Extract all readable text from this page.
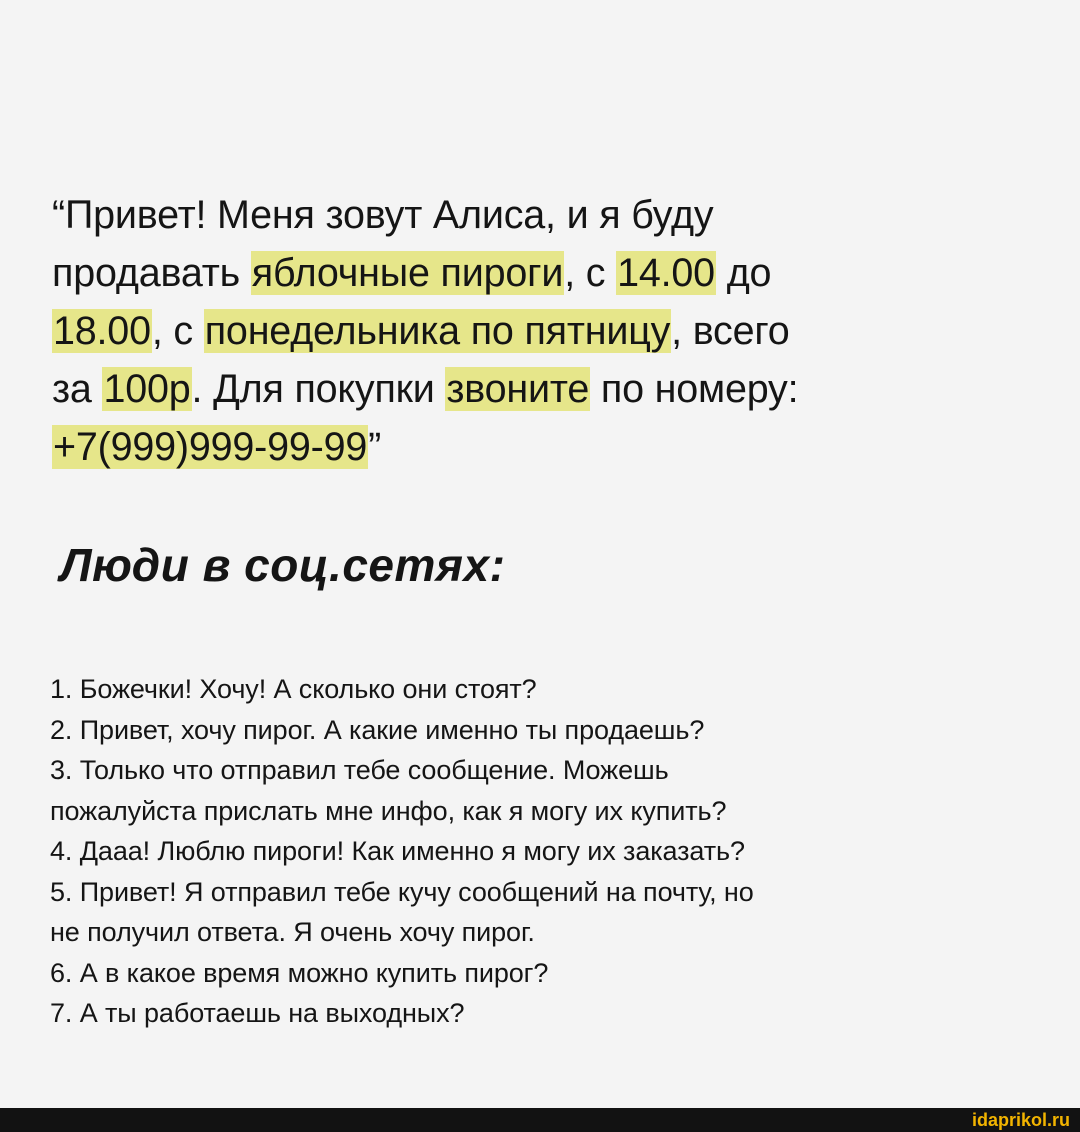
“Привет! Меня зовут Алиса, и я буду
продавать яблочные пироги, с 14.00 до
18.00, с понедельника по пятницу, всего
за 100р. Для покупки звоните по номеру:
+7(999)999-99-99”
Люди в соц.сетях:
1. Божечки! Хочу! А сколько они стоят?
2. Привет, хочу пирог. А какие именно ты продаешь?
3. Только что отправил тебе сообщение. Можешь
пожалуйста прислать мне инфо, как я могу их купить?
4. Дааа! Люблю пироги! Как именно я могу их заказать?
5. Привет! Я отправил тебе кучу сообщений на почту, но
не получил ответа. Я очень хочу пирог.
6. А в какое время можно купить пирог?
7. А ты работаешь на выходных?
idaprikol.ru
